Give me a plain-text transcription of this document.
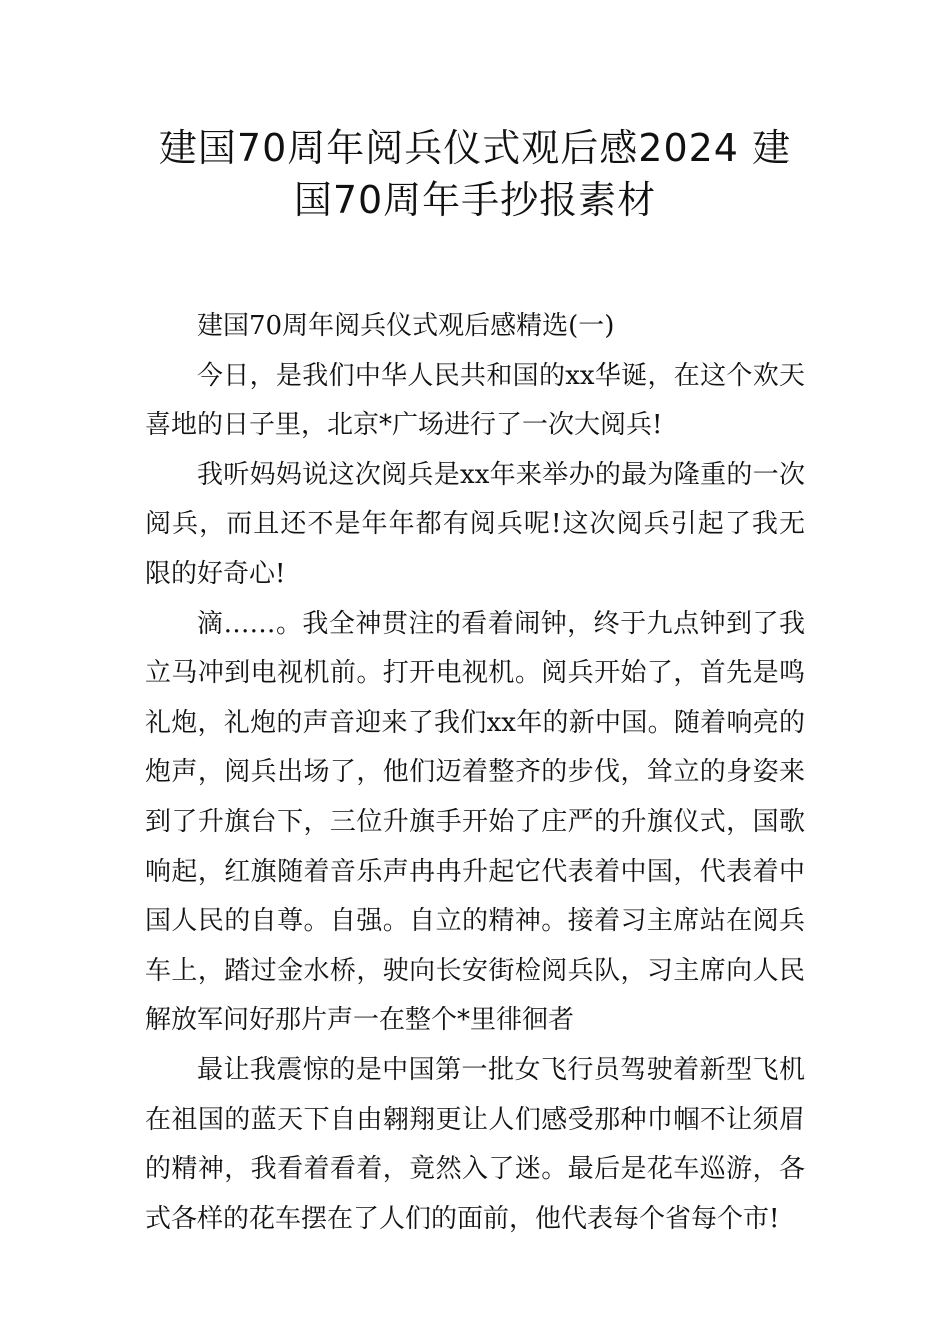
建国70周年阅兵仪式观后感2024 建国70周年手抄报素材

建国70周年阅兵仪式观后感精选(一)

今日，是我们中华人民共和国的xx华诞，在这个欢天喜地的日子里，北京*广场进行了一次大阅兵!

我听妈妈说这次阅兵是xx年来举办的最为隆重的一次阅兵，而且还不是年年都有阅兵呢!这次阅兵引起了我无限的好奇心!

滴……。我全神贯注的看着闹钟，终于九点钟到了我立马冲到电视机前。打开电视机。阅兵开始了，首先是鸣礼炮，礼炮的声音迎来了我们xx年的新中国。随着响亮的炮声，阅兵出场了，他们迈着整齐的步伐，耸立的身姿来到了升旗台下，三位升旗手开始了庄严的升旗仪式，国歌响起，红旗随着音乐声冉冉升起它代表着中国，代表着中国人民的自尊。自强。自立的精神。接着习主席站在阅兵车上，踏过金水桥，驶向长安街检阅兵队，习主席向人民解放军问好那片声一在整个*里徘徊者

最让我震惊的是中国第一批女飞行员驾驶着新型飞机在祖国的蓝天下自由翱翔更让人们感受那种巾帼不让须眉的精神，我看着看着，竟然入了迷。最后是花车巡游，各式各样的花车摆在了人们的面前，他代表每个省每个市!
